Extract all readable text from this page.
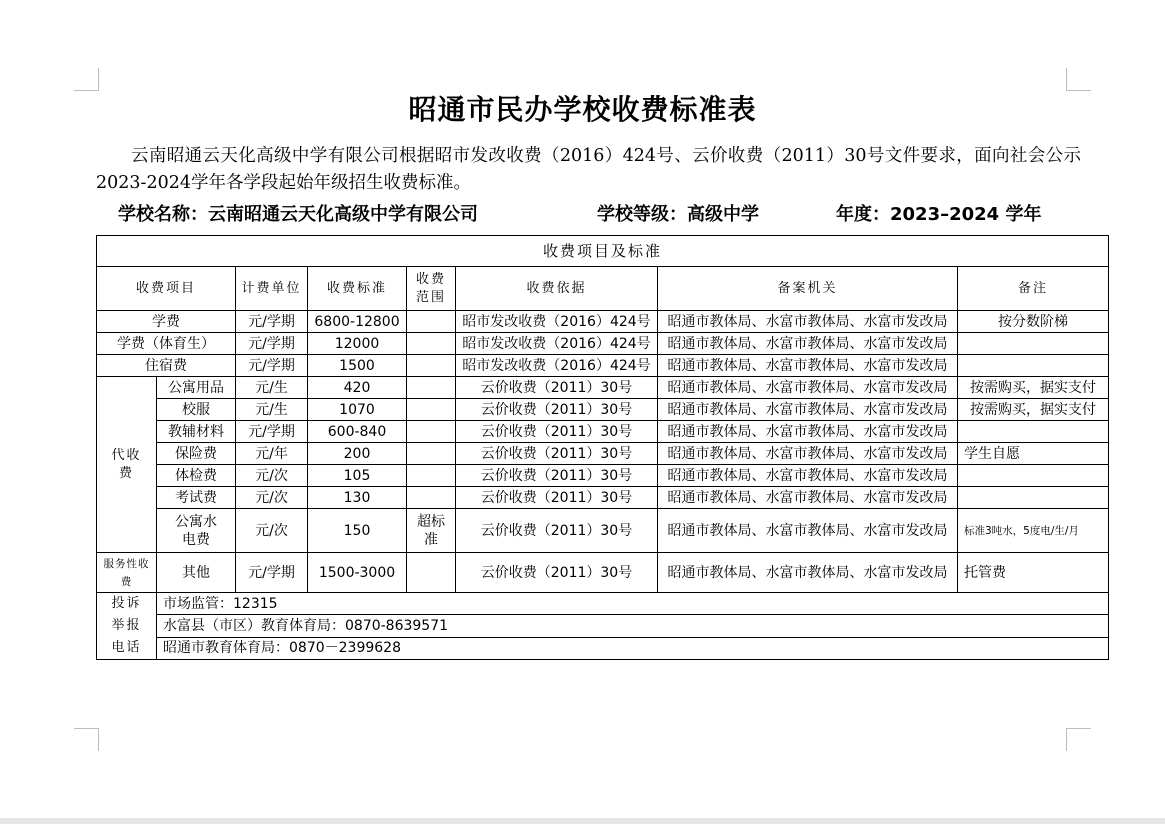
昭通市民办学校收费标准表
云南昭通云天化高级中学有限公司根据昭市发改收费（2016）424号、云价收费（2011）30号文件要求，面向社会公示2023-2024学年各学段起始年级招生收费标准。
学校名称：云南昭通云天化高级中学有限公司	学校等级：高级中学	年度：2023–2024 学年
收费项目及标准							
收费项目		计费单位	收费标准	收费范围	收费依据	备案机关	备注
学费		元/学期	6800-12800		昭市发改收费（2016）424号	昭通市教体局、水富市教体局、水富市发改局	按分数阶梯
学费（体育生）		元/学期	12000		昭市发改收费（2016）424号	昭通市教体局、水富市教体局、水富市发改局	
住宿费		元/学期	1500		昭市发改收费（2016）424号	昭通市教体局、水富市教体局、水富市发改局	
代收费	公寓用品	元/生	420		云价收费（2011）30号	昭通市教体局、水富市教体局、水富市发改局	按需购买，据实支付
	校服	元/生	1070		云价收费（2011）30号	昭通市教体局、水富市教体局、水富市发改局	按需购买，据实支付
	教辅材料	元/学期	600-840		云价收费（2011）30号	昭通市教体局、水富市教体局、水富市发改局	
	保险费	元/年	200		云价收费（2011）30号	昭通市教体局、水富市教体局、水富市发改局	学生自愿
	体检费	元/次	105		云价收费（2011）30号	昭通市教体局、水富市教体局、水富市发改局	
	考试费	元/次	130		云价收费（2011）30号	昭通市教体局、水富市教体局、水富市发改局	
	公寓水电费	元/次	150	超标准	云价收费（2011）30号	昭通市教体局、水富市教体局、水富市发改局	标准3吨水，5度电/生/月
服务性收费	其他	元/学期	1500-3000		云价收费（2011）30号	昭通市教体局、水富市教体局、水富市发改局	托管费
投诉举报电话	市场监管：12315						
	水富县（市区）教育体育局：0870-8639571						
	昭通市教育体育局：0870－2399628						
